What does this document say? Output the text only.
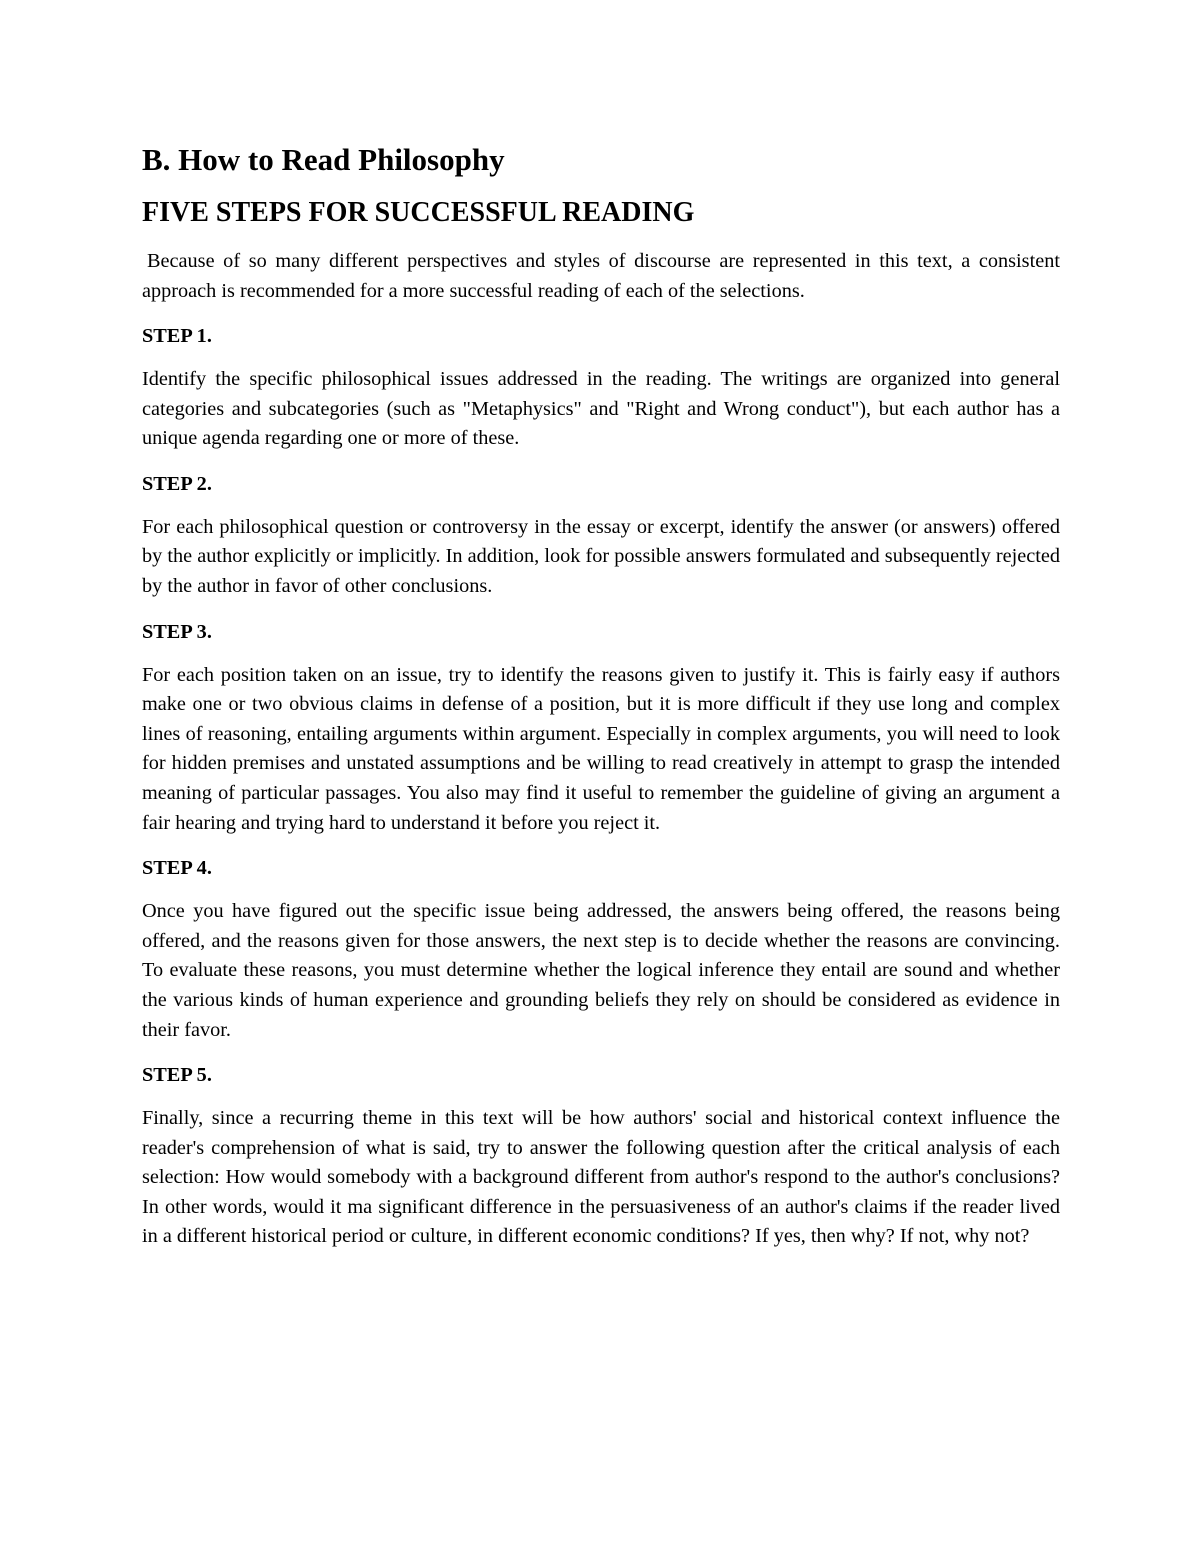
B. How to Read Philosophy
FIVE STEPS FOR SUCCESSFUL READING

Because of so many different perspectives and styles of discourse are represented in this text, a consistent approach is recommended for a more successful reading of each of the selections.

STEP 1.

Identify the specific philosophical issues addressed in the reading. The writings are organized into general categories and subcategories (such as "Metaphysics" and "Right and Wrong conduct"), but each author has a unique agenda regarding one or more of these.

STEP 2.

For each philosophical question or controversy in the essay or excerpt, identify the answer (or answers) offered by the author explicitly or implicitly. In addition, look for possible answers formulated and subsequently rejected by the author in favor of other conclusions.

STEP 3.

For each position taken on an issue, try to identify the reasons given to justify it. This is fairly easy if authors make one or two obvious claims in defense of a position, but it is more difficult if they use long and complex lines of reasoning, entailing arguments within argument. Especially in complex arguments, you will need to look for hidden premises and unstated assumptions and be willing to read creatively in attempt to grasp the intended meaning of particular passages. You also may find it useful to remember the guideline of giving an argument a fair hearing and trying hard to understand it before you reject it.

STEP 4.

Once you have figured out the specific issue being addressed, the answers being offered, the reasons being offered, and the reasons given for those answers, the next step is to decide whether the reasons are convincing. To evaluate these reasons, you must determine whether the logical inference they entail are sound and whether the various kinds of human experience and grounding beliefs they rely on should be considered as evidence in their favor.

STEP 5.

Finally, since a recurring theme in this text will be how authors' social and historical context influence the reader's comprehension of what is said, try to answer the following question after the critical analysis of each selection: How would somebody with a background different from author's respond to the author's conclusions? In other words, would it ma significant difference in the persuasiveness of an author's claims if the reader lived in a different historical period or culture, in different economic conditions? If yes, then why? If not, why not?
